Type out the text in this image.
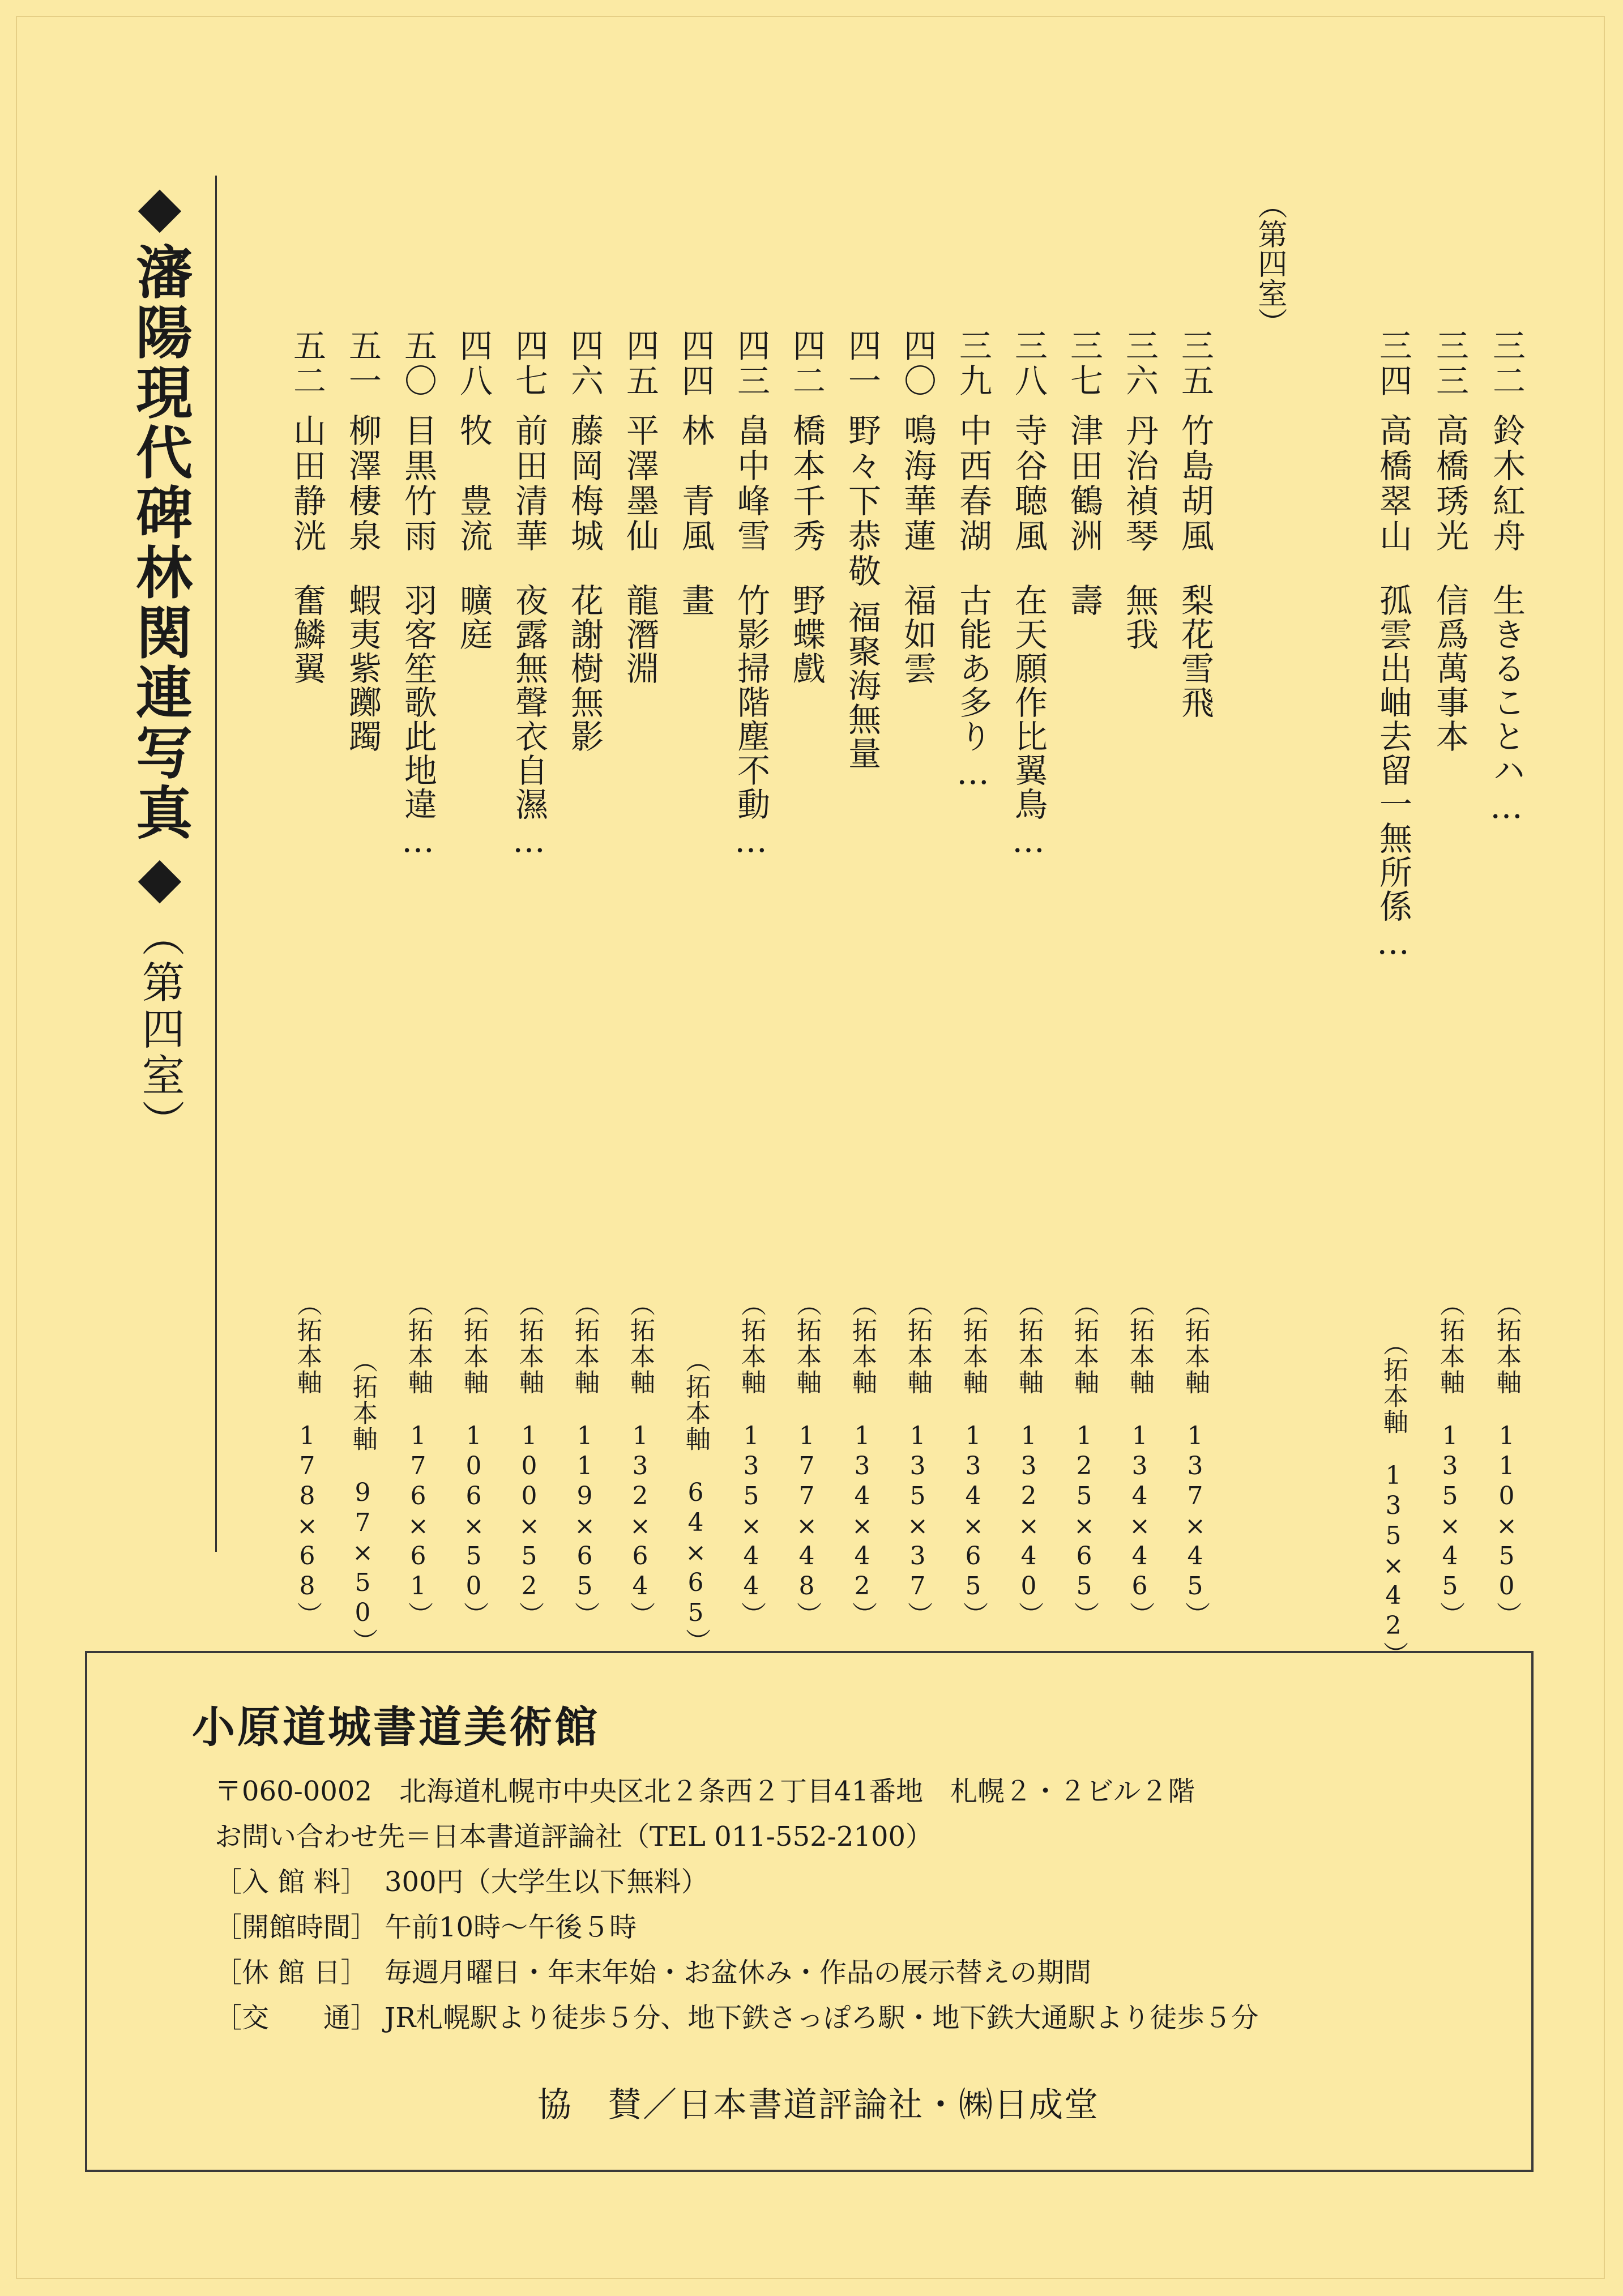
◆瀋陽現代碑林関連写真◆（第四室）
（第四室）
三二
鈴木紅舟
生きることハ…
（拓本軸　110×50）
三三
高橋琇光
信爲萬事本
（拓本軸　135×45）
三四
高橋翠山
孤雲出岫去留一無所係…
（拓本軸　135×42）
三五
竹島胡風
梨花雪飛
（拓本軸　137×45）
三六
丹治禎琴
無我
（拓本軸　134×46）
三七
津田鶴洲
壽
（拓本軸　125×65）
三八
寺谷聴風
在天願作比翼鳥…
（拓本軸　132×40）
三九
中西春湖
古能あ多り…
（拓本軸　134×65）
四〇
鳴海華蓮
福如雲
（拓本軸　135×37）
四一
野々下恭敬
福聚海無量
（拓本軸　134×42）
四二
橋本千秀
野蝶戲
（拓本軸　177×48）
四三
畠中峰雪
竹影掃階塵不動…
（拓本軸　135×44）
四四
林　青風
畫
（拓本軸　64×65）
四五
平澤墨仙
龍潛淵
（拓本軸　132×64）
四六
藤岡梅城
花謝樹無影
（拓本軸　119×65）
四七
前田清華
夜露無聲衣自濕…
（拓本軸　100×52）
四八
牧　豊流
曠庭
（拓本軸　106×50）
五〇
目黒竹雨
羽客笙歌此地違…
（拓本軸　176×61）
五一
柳澤棲泉
蝦夷紫躑躅
（拓本軸　97×50）
五二
山田静洸
奮鱗翼
（拓本軸　178×68）
小原道城書道美術館
〒060-0002　北海道札幌市中央区北２条西２丁目41番地　札幌２・２ビル２階
お問い合わせ先＝日本書道評論社（TEL 011-552-2100）
［入 館 料］ 300円（大学生以下無料）
［開館時間］ 午前10時〜午後５時
［休 館 日］ 毎週月曜日・年末年始・お盆休み・作品の展示替えの期間
［交　　通］ JR札幌駅より徒歩５分、地下鉄さっぽろ駅・地下鉄大通駅より徒歩５分
協　賛／日本書道評論社・㈱日成堂
